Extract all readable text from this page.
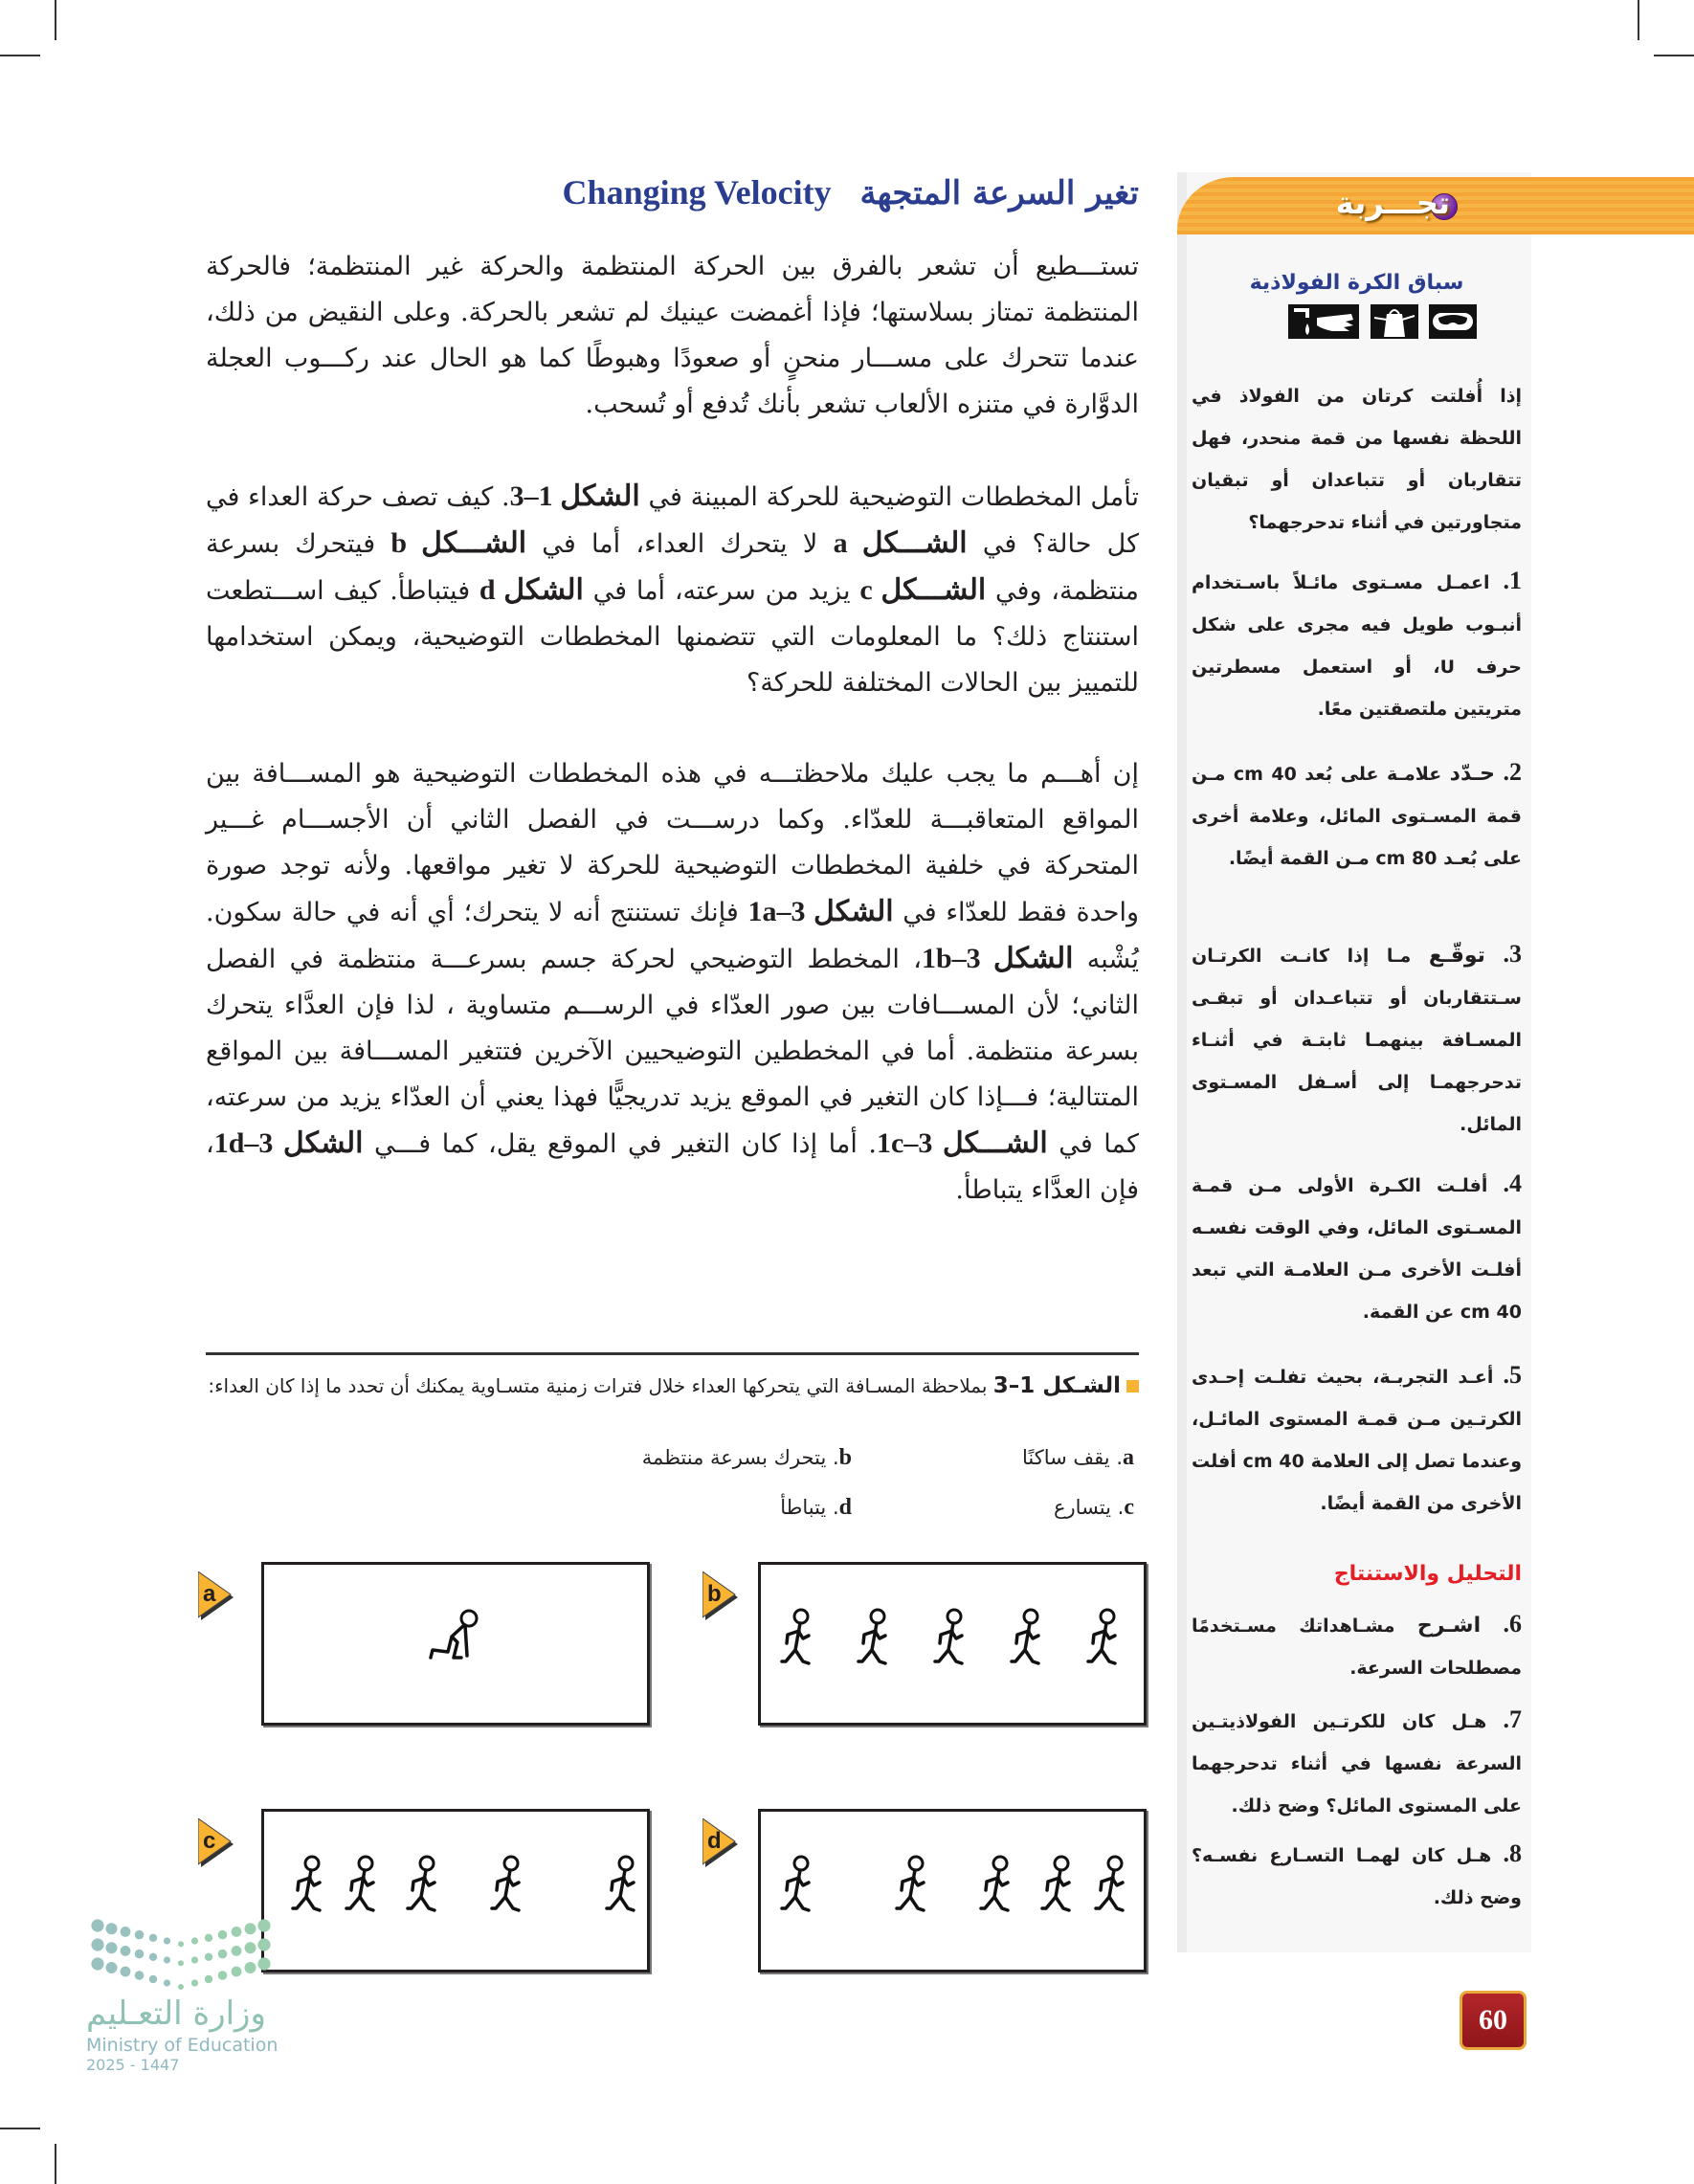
تغير السرعة المتجهة Changing Velocity
تستـــطيع أن تشعر بالفرق بين الحركة المنتظمة والحركة غير المنتظمة؛ فالحركة المنتظمة تمتاز بسلاستها؛ فإذا أغمضت عينيك لم تشعر بالحركة. وعلى النقيض من ذلك، عندما تتحرك على مســـار منحنٍ أو صعودًا وهبوطًا كما هو الحال عند ركـــوب العجلة الدوَّارة في متنزه الألعاب تشعر بأنك تُدفع أو تُسحب.
تأمل المخططات التوضيحية للحركة المبينة في الشكل 1–3. كيف تصف حركة العداء في كل حالة؟ في الشـــكل a لا يتحرك العداء، أما في الشـــكل b فيتحرك بسرعة منتظمة، وفي الشـــكل c يزيد من سرعته، أما في الشكل d فيتباطأ. كيف اســـتطعت استنتاج ذلك؟ ما المعلومات التي تتضمنها المخططات التوضيحية، ويمكن استخدامها للتمييز بين الحالات المختلفة للحركة؟
إن أهـــم ما يجب عليك ملاحظتـــه في هذه المخططات التوضيحية هو المســـافة بين المواقع المتعاقبـــة للعدّاء. وكما درســـت في الفصل الثاني أن الأجســـام غـــير المتحركة في خلفية المخططات التوضيحية للحركة لا تغير مواقعها. ولأنه توجد صورة واحدة فقط للعدّاء في الشكل 1a–3 فإنك تستنتج أنه لا يتحرك؛ أي أنه في حالة سكون. يُشْبه الشكل 1b–3، المخطط التوضيحي لحركة جسم بسرعـــة منتظمة في الفصل الثاني؛ لأن المســـافات بين صور العدّاء في الرســـم متساوية ، لذا فإن العدَّاء يتحرك بسرعة منتظمة. أما في المخططين التوضيحيين الآخرين فتتغير المســـافة بين المواقع المتتالية؛ فـــإذا كان التغير في الموقع يزيد تدريجيًّا فهذا يعني أن العدّاء يزيد من سرعته، كما في الشـــكل 1c–3. أما إذا كان التغير في الموقع يقل، كما فـــي الشكل 1d–3، فإن العدَّاء يتباطأ.
الشـكل 1–3 بملاحظة المسـافة التي يتحركها العداء خلال فترات زمنية متسـاوية يمكنك أن تحدد ما إذا كان العداء:
a. يقف ساكنًا
b. يتحرك بسرعة منتظمة
c. يتسارع
d. يتباطأ
a	b
c	d
تجـــربة
سباق الكرة الفولاذية
إذا أُفلتت كرتان من الفولاذ في اللحظة نفسها من قمة منحدر، فهل تتقاربان أو تتباعدان أو تبقيان متجاورتين في أثناء تدحرجهما؟
1. اعمـل مسـتوى مائـلاً باسـتخدام أنبـوب طويل فيه مجرى على شكل حرف U، أو استعمل مسطرتين متريتين ملتصقتين معًا.
2. حـدّد علامـة على بُعد 40 cm مـن قمة المسـتوى المائل، وعلامة أخرى على بُعـد 80 cm مـن القمة أيضًا.
3. توقّـع مـا إذا كانـت الكرتـان سـتتقاربان أو تتباعـدان أو تبقـى المسـافة بينهمـا ثابتـة في أثنـاء تدحرجهمـا إلى أسـفل المسـتوى المائل.
4. أفلـت الكـرة الأولى مـن قمـة المسـتوى المائل، وفي الوقت نفسـه أفلـت الأخرى مـن العلامـة التي تبعد 40 cm عن القمة.
5. أعـد التجربـة، بحيث تفلـت إحـدى الكرتـين مـن قمـة المستوى المائـل، وعندما تصل إلى العلامة 40 cm أفلت الأخرى من القمة أيضًا.
التحليل والاستنتاج
6. اشـرح مشـاهداتك مسـتخدمًا مصطلحات السرعة.
7. هـل كان للكرتـين الفولاذيتـين السرعة نفسها في أثناء تدحرجهما على المستوى المائل؟ وضح ذلك.
8. هـل كان لهمـا التسـارع نفسـه؟ وضح ذلك.
وزارة التعـليم
Ministry of Education
2025 - 1447
60
